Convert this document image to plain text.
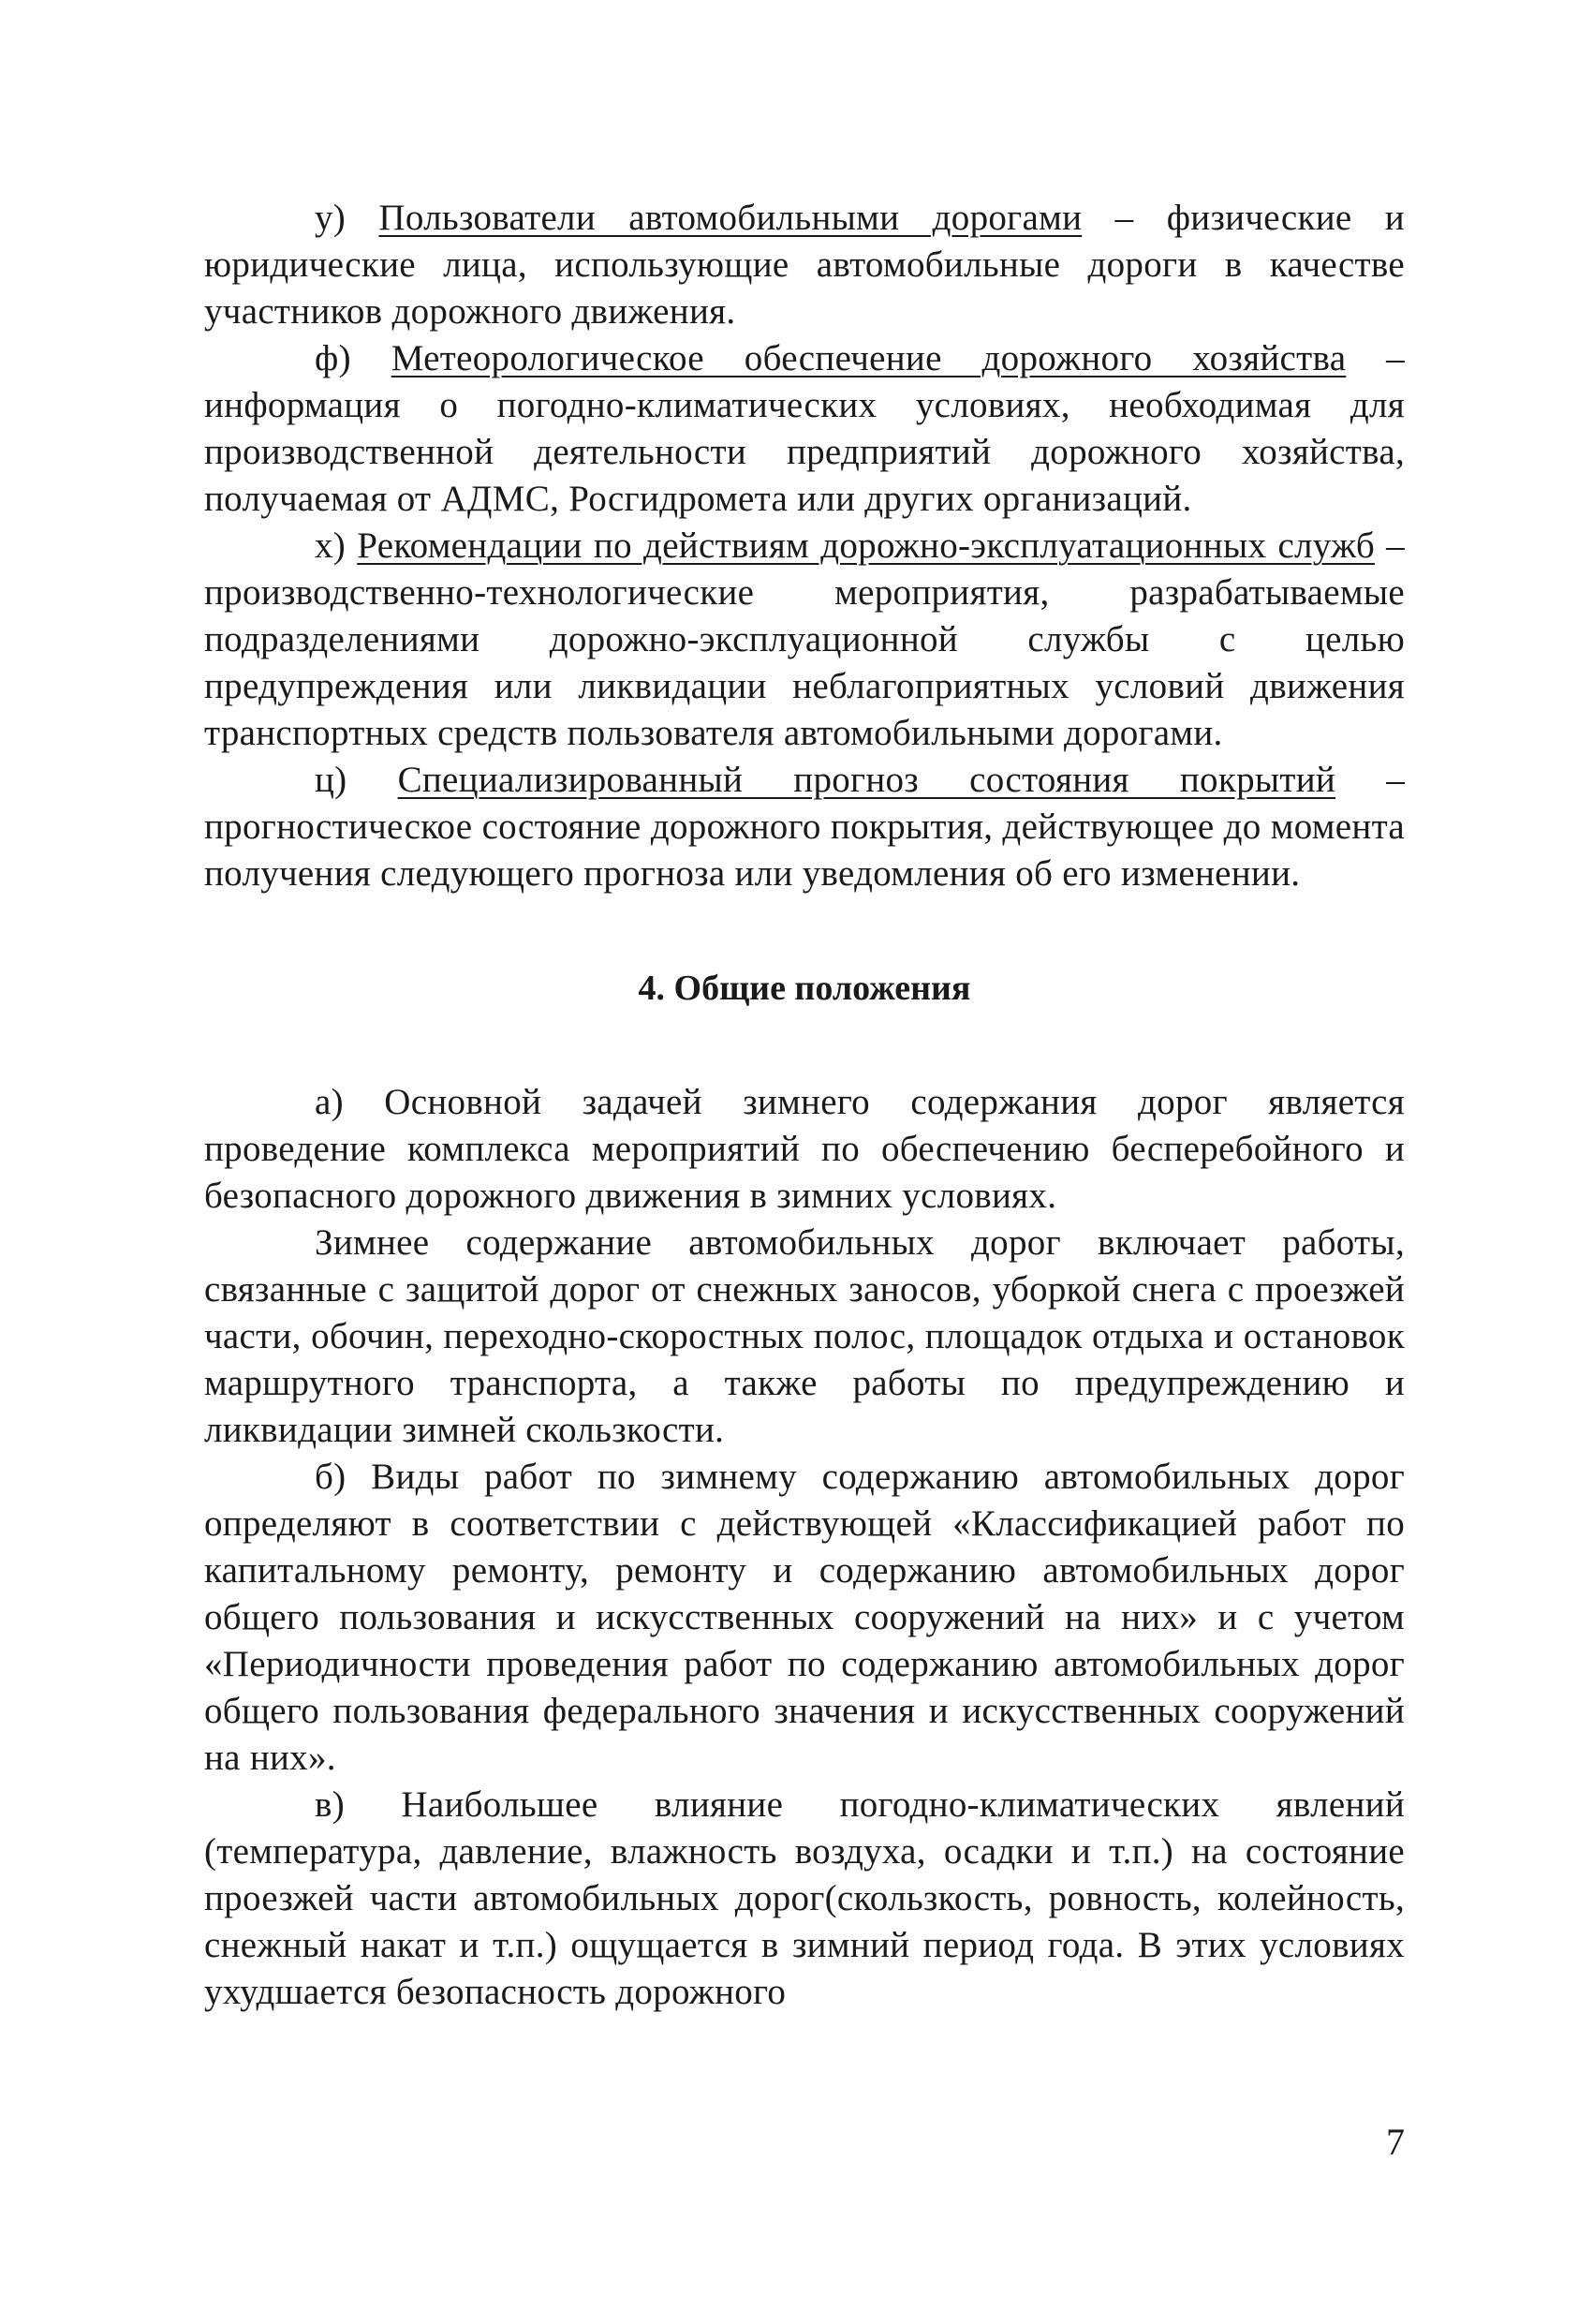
у) Пользователи автомобильными дорогами – физические и юридические лица, использующие автомобильные дороги в качестве участников дорожного движения.

ф) Метеорологическое обеспечение дорожного хозяйства – информация о погодно-климатических условиях, необходимая для производственной деятельности предприятий дорожного хозяйства, получаемая от АДМС, Росгидромета или других организаций.

х) Рекомендации по действиям дорожно-эксплуатационных служб – производственно-технологические мероприятия, разрабатываемые подразделениями дорожно-эксплуационной службы с целью предупреждения или ликвидации неблагоприятных условий движения транспортных средств пользователя автомобильными дорогами.

ц) Специализированный прогноз состояния покрытий – прогностическое состояние дорожного покрытия, действующее до момента получения следующего прогноза или уведомления об его изменении.

4. Общие положения

а) Основной задачей зимнего содержания дорог является проведение комплекса мероприятий по обеспечению бесперебойного и безопасного дорожного движения в зимних условиях.

Зимнее содержание автомобильных дорог включает работы, связанные с защитой дорог от снежных заносов, уборкой снега с проезжей части, обочин, переходно-скоростных полос, площадок отдыха и остановок маршрутного транспорта, а также работы по предупреждению и ликвидации зимней скользкости.

б) Виды работ по зимнему содержанию автомобильных дорог определяют в соответствии с действующей «Классификацией работ по капитальному ремонту, ремонту и содержанию автомобильных дорог общего пользования и искусственных сооружений на них» и с учетом «Периодичности проведения работ по содержанию автомобильных дорог общего пользования федерального значения и искусственных сооружений на них».

в) Наибольшее влияние погодно-климатических явлений (температура, давление, влажность воздуха, осадки и т.п.) на состояние проезжей части автомобильных дорог(скользкость, ровность, колейность, снежный накат и т.п.) ощущается в зимний период года. В этих условиях ухудшается безопасность дорожного

7
